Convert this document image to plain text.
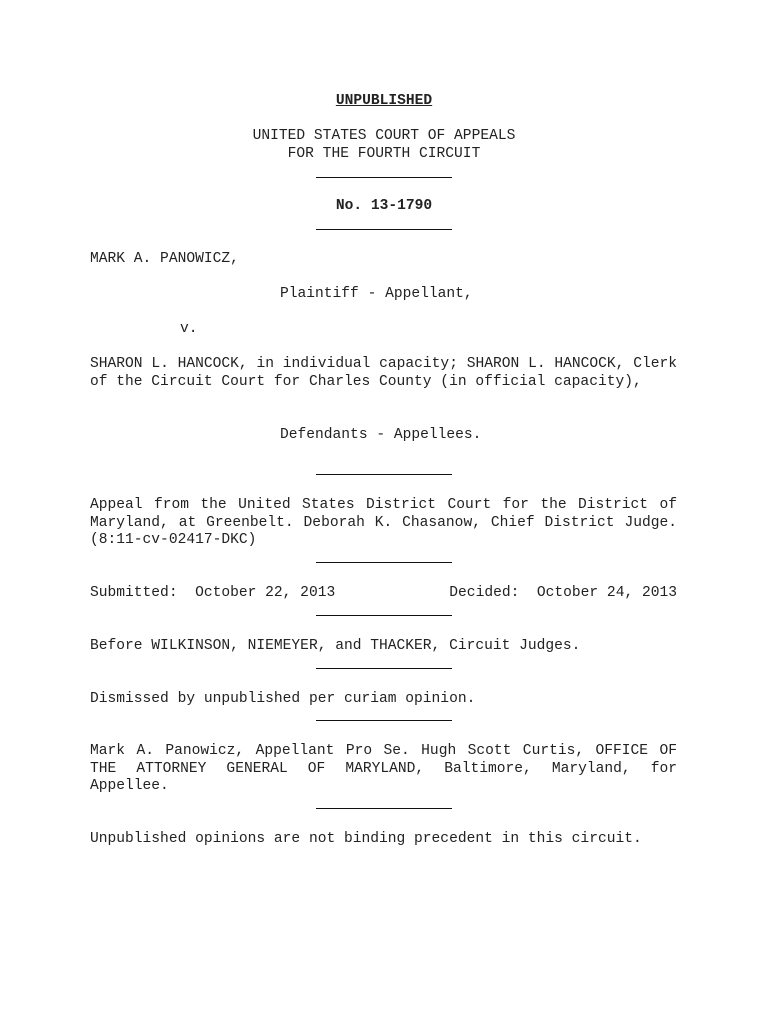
UNPUBLISHED
UNITED STATES COURT OF APPEALS
FOR THE FOURTH CIRCUIT
No. 13-1790
MARK A. PANOWICZ,
Plaintiff - Appellant,
v.
SHARON L. HANCOCK, in individual capacity; SHARON L. HANCOCK, Clerk of the Circuit Court for Charles County (in official capacity),
Defendants - Appellees.
Appeal from the United States District Court for the District of Maryland, at Greenbelt. Deborah K. Chasanow, Chief District Judge. (8:11-cv-02417-DKC)
Submitted:  October 22, 2013	Decided:  October 24, 2013
Before WILKINSON, NIEMEYER, and THACKER, Circuit Judges.
Dismissed by unpublished per curiam opinion.
Mark A. Panowicz, Appellant Pro Se. Hugh Scott Curtis, OFFICE OF THE ATTORNEY GENERAL OF MARYLAND, Baltimore, Maryland, for Appellee.
Unpublished opinions are not binding precedent in this circuit.
